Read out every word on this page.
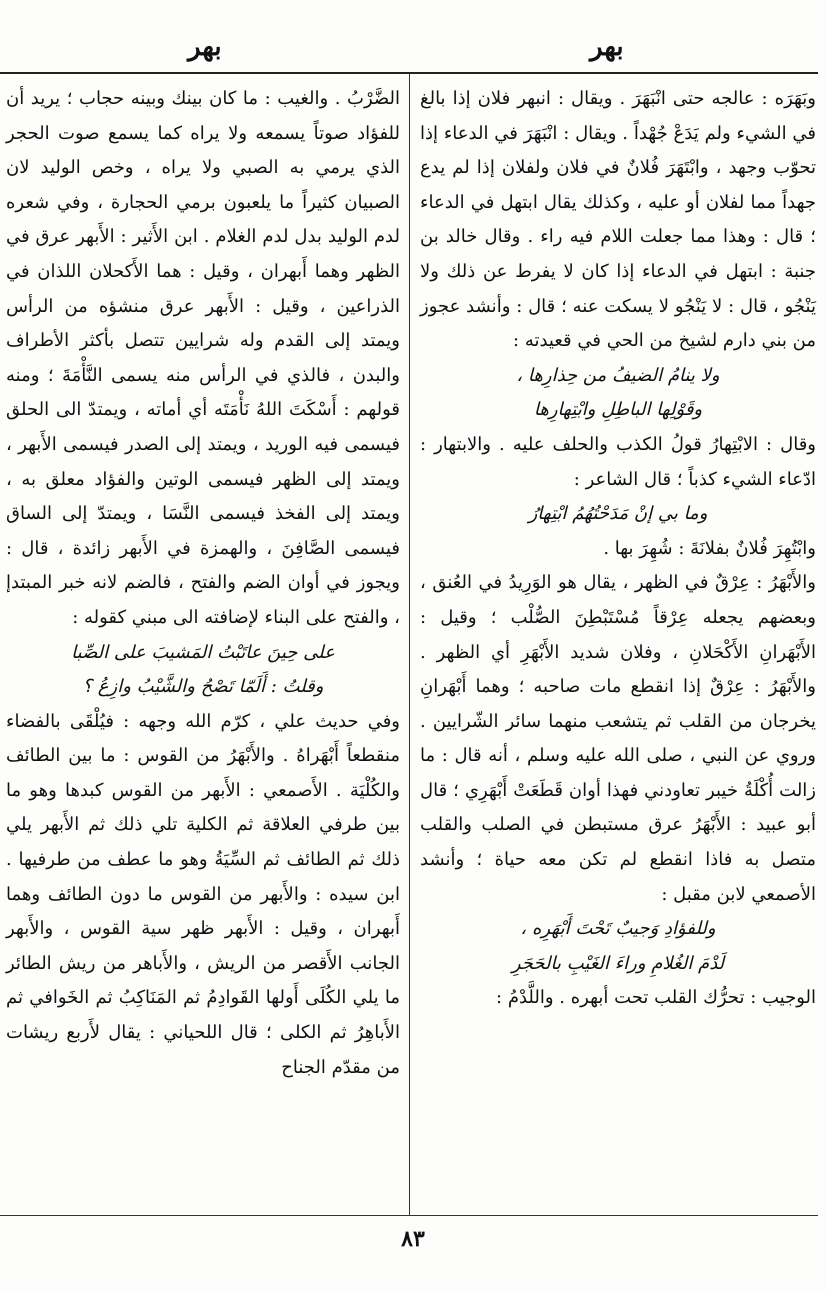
بهر
بهر

وبَهَرَه : عالجه حتى انْبَهَرَ . ويقال : انبهر فلان إذا بالغ في الشيء ولم يَدَعْ جُهْداً . ويقال : انْبَهَرَ في الدعاء إذا تحوّب وجهد ، وابْتَهَرَ فُلانٌ في فلان ولفلان إذا لم يدع جهداً مما لفلان أو عليه ، وكذلك يقال ابتهل في الدعاء ؛ قال : وهذا مما جعلت اللام فيه راء . وقال خالد بن جنبة : ابتهل في الدعاء إذا كان لا يفرط عن ذلك ولا يَنْجُو ، قال : لا يَنْجُو لا يسكت عنه ؛ قال : وأنشد عجوز من بني دارم لشيخ من الحي في قعيدته :

ولا ينامُ الضيفُ من حِذارِها ،

وقَوْلِها الباطِلِ وابْتِهارِها

وقال : الابْتِهارُ قولُ الكذب والحلف عليه . والابتهار : ادّعاء الشيء كذباً ؛ قال الشاعر :

وما بي إنْ مَدَحْتُهُمُ ابْتِهارُ

وابْتُهِرَ فُلانٌ بفلانَةَ : شُهِرَ بها .

والأَبْهَرُ : عِرْقٌ في الظهر ، يقال هو الوَرِيدُ في العُنق ، وبعضهم يجعله عِرْقاً مُسْتَبْطِنَ الصُّلْب ؛ وقيل : الأَبْهَرانِ الأَكْحَلانِ ، وفلان شديد الأَبْهَرِ أي الظهر . والأَبْهَرُ : عِرْقٌ إذا انقطع مات صاحبه ؛ وهما أَبْهَرانِ يخرجان من القلب ثم يتشعب منهما سائر الشّرايين . وروي عن النبي ، صلى الله عليه وسلم ، أنه قال : ما زالت أُكْلَةُ خيبر تعاودني فهذا أوان قَطَعَتْ أَبْهَرِي ؛ قال أبو عبيد : الأَبْهَرُ عرق مستبطن في الصلب والقلب متصل به فاذا انقطع لم تكن معه حياة ؛ وأنشد الأصمعي لابن مقبل :

وللفؤادِ وَجيبٌ تَحْتَ أَبْهَرِه ،

لَدْمَ الغُلامِ وراءَ الغَيْبِ بالحَجَرِ

الوجيب : تحرُّك القلب تحت أبهره . واللَّدْمُ :

الضَّرْبُ . والغيب : ما كان بينك وبينه حجاب ؛ يريد أن للفؤاد صوتاً يسمعه ولا يراه كما يسمع صوت الحجر الذي يرمي به الصبي ولا يراه ، وخص الوليد لان الصبيان كثيراً ما يلعبون برمي الحجارة ، وفي شعره لدم الوليد بدل لدم الغلام . ابن الأَثير : الأَبهر عرق في الظهر وهما أَبهران ، وقيل : هما الأَكحلان اللذان في الذراعين ، وقيل : الأَبهر عرق منشؤه من الرأس ويمتد إلى القدم وله شرايين تتصل بأكثر الأطراف والبدن ، فالذي في الرأس منه يسمى النَّأْمَةَ ؛ ومنه قولهم : أَسْكَتَ اللهُ نَأْمَتَه أي أماته ، ويمتدّ الى الحلق فيسمى فيه الوريد ، ويمتد إلى الصدر فيسمى الأَبهر ، ويمتد إلى الظهر فيسمى الوتين والفؤاد معلق به ، ويمتد إلى الفخذ فيسمى النَّسَا ، ويمتدّ إلى الساق فيسمى الصَّافِنَ ، والهمزة في الأَبهر زائدة ، قال : ويجوز في أوان الضم والفتح ، فالضم لانه خبر المبتدإ ، والفتح على البناء لإضافته الى مبني كقوله :

على حِينَ عاتَبْتُ المَشيبَ على الصِّبا

وقلتُ : أَلَمّا تَصْحُ والشَّيْبُ وازِعُ ؟

وفي حديث علي ، كرّم الله وجهه : فيُلْقَى بالفضاء منقطعاً أَبْهَراهُ . والأَبْهَرُ من القوس : ما بين الطائف والكُلْيَة . الأَصمعي : الأَبهر من القوس كبدها وهو ما بين طرفي العلاقة ثم الكلية تلي ذلك ثم الأَبهر يلي ذلك ثم الطائف ثم السِّيَةُ وهو ما عطف من طرفيها . ابن سيده : والأَبهر من القوس ما دون الطائف وهما أَبهران ، وقيل : الأَبهر ظهر سية القوس ، والأَبهر الجانب الأَقصر من الريش ، والأَباهر من ريش الطائر ما يلي الكُلَى أَولها القَوادِمُ ثم المَنَاكِبُ ثم الخَوافي ثم الأَباهِرُ ثم الكلى ؛ قال اللحياني : يقال لأَربع ريشات من مقدّم الجناح

٨٣
